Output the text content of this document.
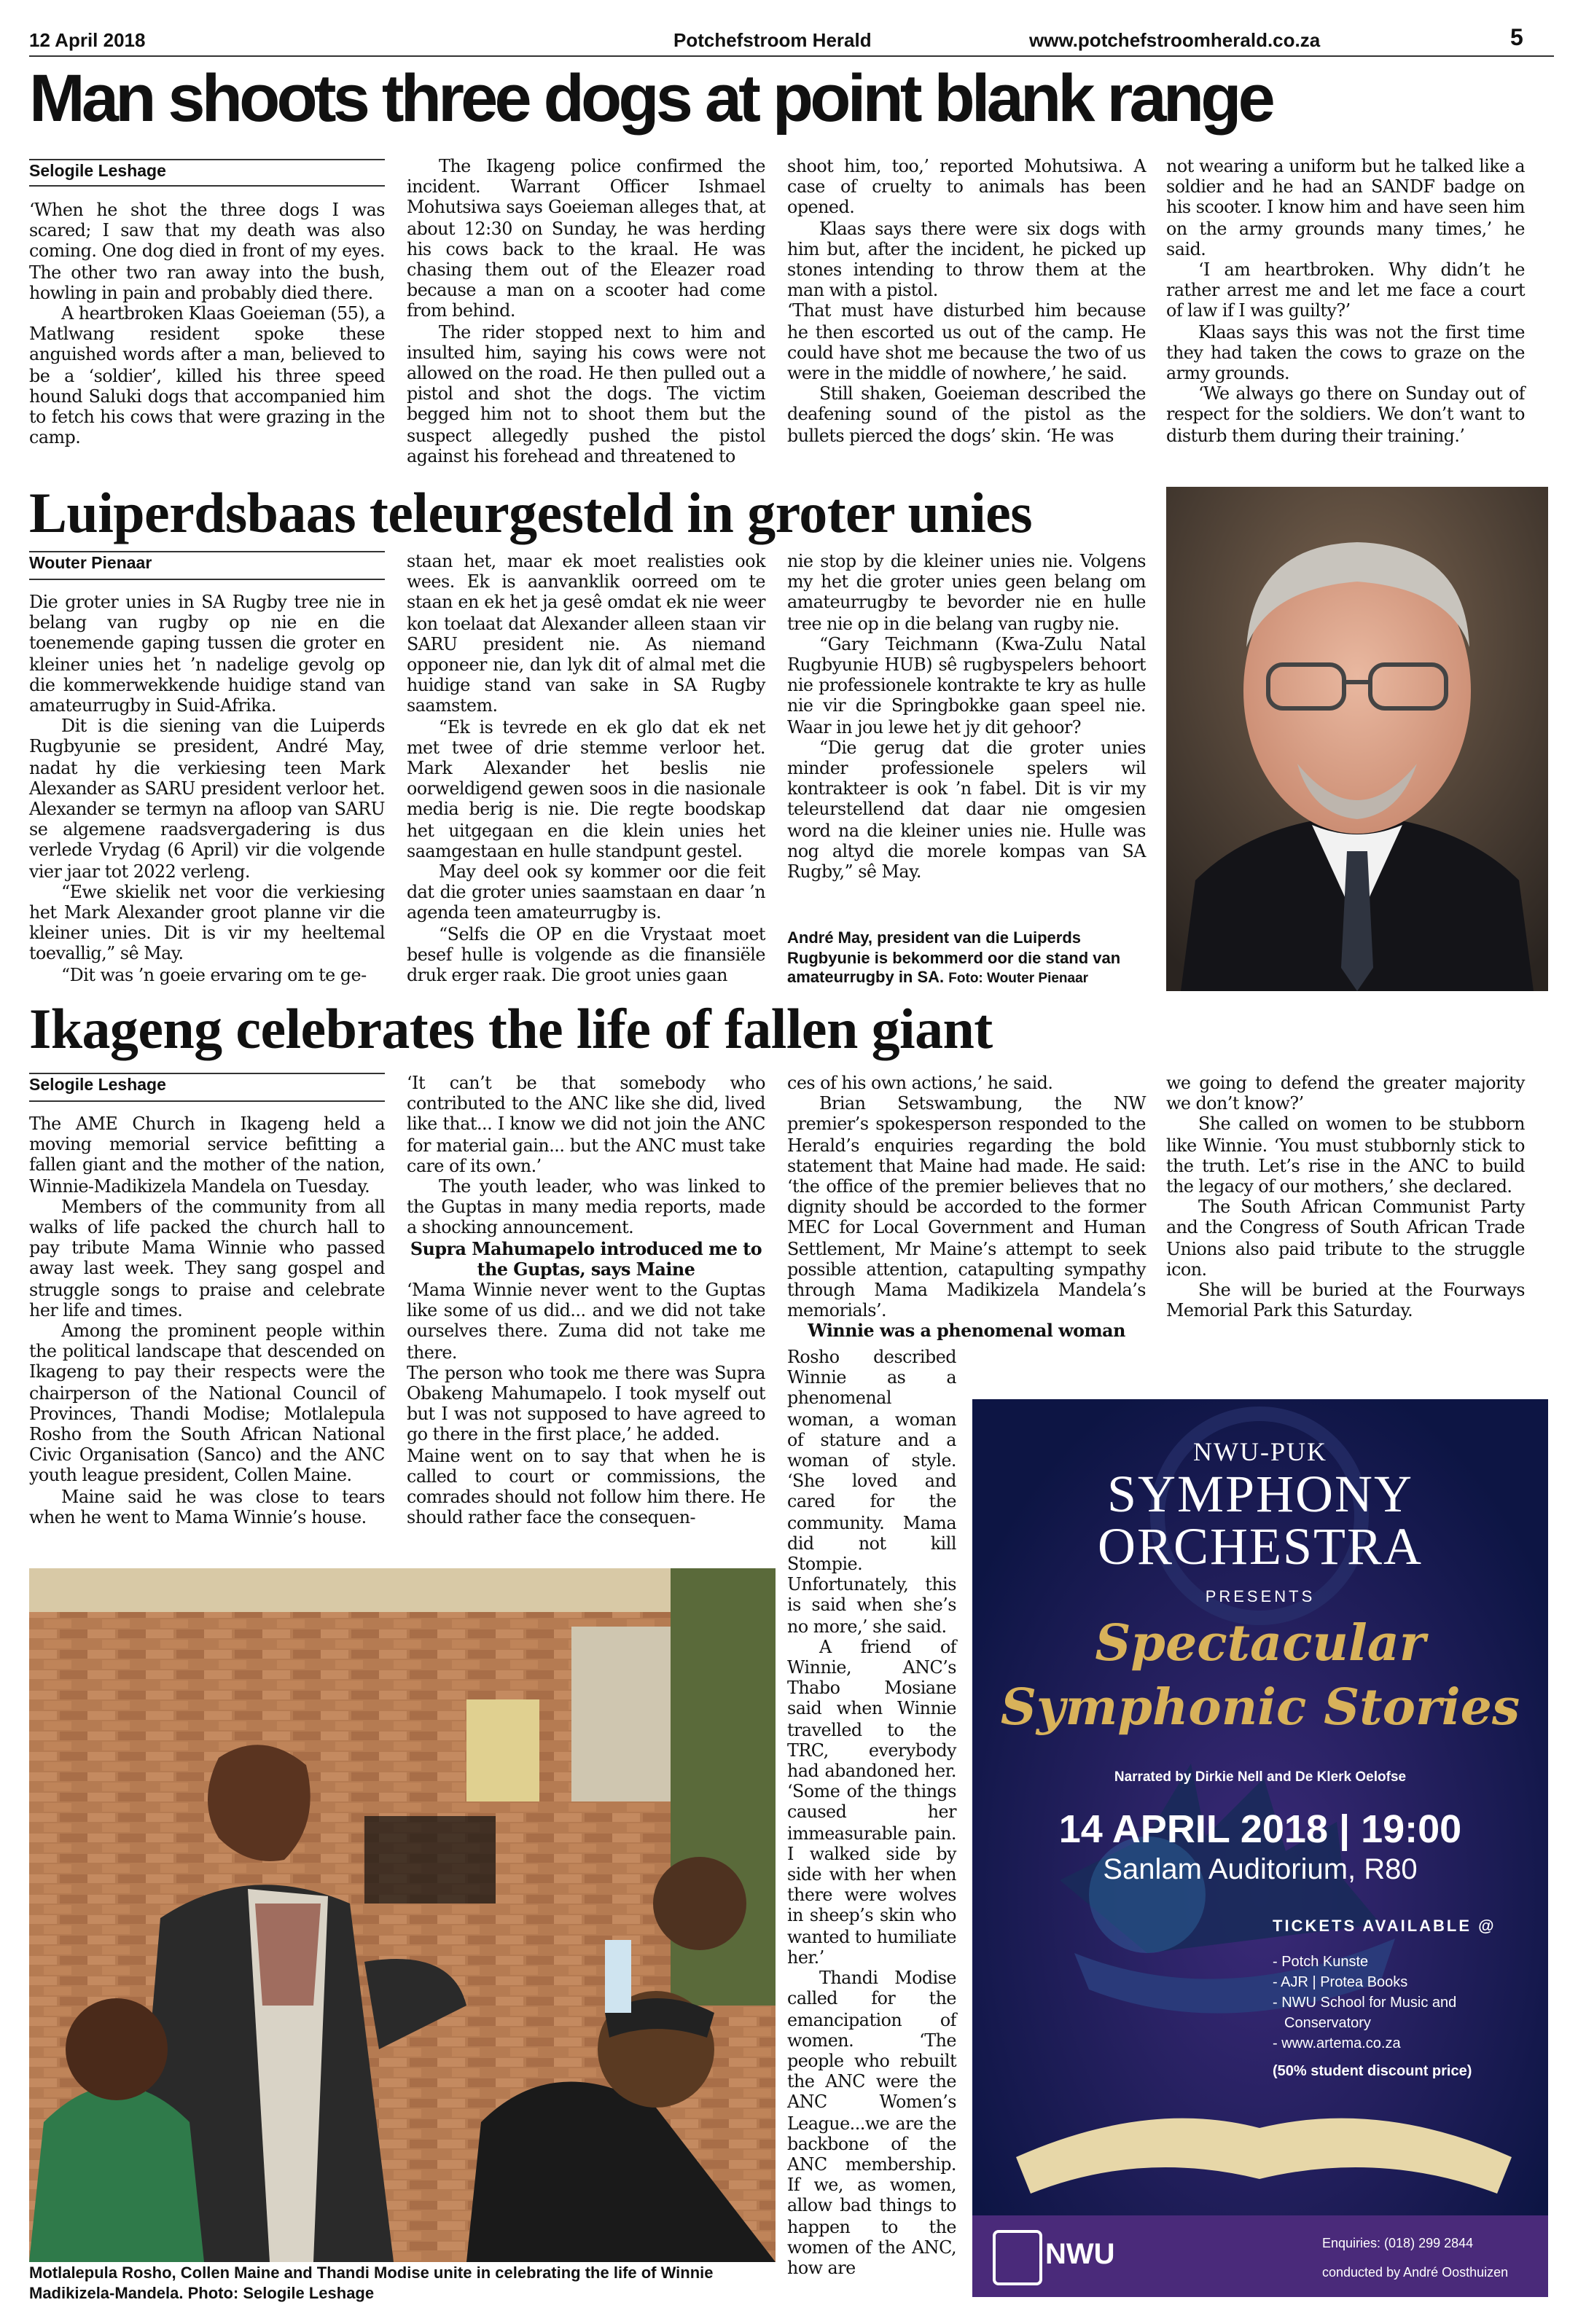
12 April 2018	Potchefstroom Herald	www.potchefstroomherald.co.za	5
Man shoots three dogs at point blank range
Selogile Leshage

‘When he shot the three dogs I was scared; I saw that my death was also coming. One dog died in front of my eyes. The other two ran away into the bush, howling in pain and probably died there.

A heartbroken Klaas Goeieman (55), a Matlwang resident spoke these anguished words after a man, believed to be a ‘soldier’, killed his three speed hound Saluki dogs that accompanied him to fetch his cows that were grazing in the camp.

The Ikageng police confirmed the incident. Warrant Officer Ishmael Mohutsiwa says Goeieman alleges that, at about 12:30 on Sunday, he was herding his cows back to the kraal. He was chasing them out of the Eleazer road because a man on a scooter had come from behind.

The rider stopped next to him and insulted him, saying his cows were not allowed on the road. He then pulled out a pistol and shot the dogs. The victim begged him not to shoot them but the suspect allegedly pushed the pistol against his forehead and threatened to

shoot him, too,’ reported Mohutsiwa. A case of cruelty to animals has been opened.

Klaas says there were six dogs with him but, after the incident, he picked up stones intending to throw them at the man with a pistol.

‘That must have disturbed him because he then escorted us out of the camp. He could have shot me because the two of us were in the middle of nowhere,’ he said.

Still shaken, Goeieman described the deafening sound of the pistol as the bullets pierced the dogs’ skin. ‘He was

not wearing a uniform but he talked like a soldier and he had an SANDF badge on his scooter. I know him and have seen him on the army grounds many times,’ he said.

‘I am heartbroken. Why didn’t he rather arrest me and let me face a court of law if I was guilty?’

Klaas says this was not the first time they had taken the cows to graze on the army grounds.

‘We always go there on Sunday out of respect for the soldiers. We don’t want to disturb them during their training.’

Luiperdsbaas teleurgesteld in groter unies
Wouter Pienaar

Die groter unies in SA Rugby tree nie in belang van rugby op nie en die toenemende gaping tussen die groter en kleiner unies het ’n nadelige gevolg op die kommerwekkende huidige stand van amateurrugby in Suid-Afrika.

Dit is die siening van die Luiperds Rugbyunie se president, André May, nadat hy die verkiesing teen Mark Alexander as SARU president verloor het. Alexander se termyn na afloop van SARU se algemene raadsvergadering is dus verlede Vrydag (6 April) vir die volgende vier jaar tot 2022 verleng.

“Ewe skielik net voor die verkiesing het Mark Alexander groot planne vir die kleiner unies. Dit is vir my heeltemal toevallig,” sê May.

“Dit was ’n goeie ervaring om te ge-

staan het, maar ek moet realisties ook wees. Ek is aanvanklik oorreed om te staan en ek het ja gesê omdat ek nie weer kon toelaat dat Alexander alleen staan vir SARU president nie. As niemand opponeer nie, dan lyk dit of almal met die huidige stand van sake in SA Rugby saamstem.

“Ek is tevrede en ek glo dat ek net met twee of drie stemme verloor het. Mark Alexander het beslis nie oorweldigend gewen soos in die nasionale media berig is nie. Die regte boodskap het uitgegaan en die klein unies het saamgestaan en hulle standpunt gestel.

May deel ook sy kommer oor die feit dat die groter unies saamstaan en daar ’n agenda teen amateurrugby is.

“Selfs die OP en die Vrystaat moet besef hulle is volgende as die finansiële druk erger raak. Die groot unies gaan

nie stop by die kleiner unies nie. Volgens my het die groter unies geen belang om amateurrugby te bevorder nie en hulle tree nie op in die belang van rugby nie.

“Gary Teichmann (Kwa-Zulu Natal Rugbyunie HUB) sê rugbyspelers behoort nie professionele kontrakte te kry as hulle nie vir die Springbokke gaan speel nie. Waar in jou lewe het jy dit gehoor?

“Die gerug dat die groter unies minder professionele spelers wil kontrakteer is ook ’n fabel. Dit is vir my teleurstellend dat daar nie omgesien word na die kleiner unies nie. Hulle was nog altyd die morele kompas van SA Rugby,” sê May.

André May, president van die Luiperds Rugbyunie is bekommerd oor die stand van amateurrugby in SA. Foto: Wouter Pienaar
Ikageng celebrates the life of fallen giant
Selogile Leshage

The AME Church in Ikageng held a moving memorial service befitting a fallen giant and the mother of the nation, Winnie-Madikizela Mandela on Tuesday.

Members of the community from all walks of life packed the church hall to pay tribute Mama Winnie who passed away last week. They sang gospel and struggle songs to praise and celebrate her life and times.

Among the prominent people within the political landscape that descended on Ikageng to pay their respects were the chairperson of the National Council of Provinces, Thandi Modise; Motlalepula Rosho from the South African National Civic Organisation (Sanco) and the ANC youth league president, Collen Maine.

Maine said he was close to tears when he went to Mama Winnie’s house.

‘It can’t be that somebody who contributed to the ANC like she did, lived like that... I know we did not join the ANC for material gain... but the ANC must take care of its own.’

The youth leader, who was linked to the Guptas in many media reports, made a shocking announcement.

Supra Mahumapelo introduced me to the Guptas, says Maine

‘Mama Winnie never went to the Guptas like some of us did... and we did not take ourselves there. Zuma did not take me there.

The person who took me there was Supra Obakeng Mahumapelo. I took myself out but I was not supposed to have agreed to go there in the first place,’ he added.

Maine went on to say that when he is called to court or commissions, the comrades should not follow him there. He should rather face the consequen-

ces of his own actions,’ he said.

Brian Setswambung, the NW premier’s spokesperson responded to the Herald’s enquiries regarding the bold statement that Maine had made. He said: ‘the office of the premier believes that no dignity should be accorded to the former MEC for Local Government and Human Settlement, Mr Maine’s attempt to seek possible attention, catapulting sympathy through Mama Madikizela Mandela’s memorials’.

Winnie was a phenomenal woman

Rosho described Winnie as a phenomenal woman, a woman of stature and a woman of style. ‘She loved and cared for the community. Mama did not kill Stompie. Unfortunately, this is said when she’s no more,’ she said.

A friend of Winnie, ANC’s Thabo Mosiane said when Winnie travelled to the TRC, everybody had abandoned her. ‘Some of the things caused her immeasurable pain. I walked side by side with her when there were wolves in sheep’s skin who wanted to humiliate her.’

Thandi Modise called for the emancipation of women. ‘The people who rebuilt the ANC were the ANC Women’s League...we are the backbone of the ANC membership. If we, as women, allow bad things to happen to the women of the ANC, how are

we going to defend the greater majority we don’t know?’

She called on women to be stubborn like Winnie. ‘You must stubbornly stick to the truth. Let’s rise in the ANC to build the legacy of our mothers,’ she declared.

The South African Communist Party and the Congress of South African Trade Unions also paid tribute to the struggle icon.

She will be buried at the Fourways Memorial Park this Saturday.

Motlalepula Rosho, Collen Maine and Thandi Modise unite in celebrating the life of Winnie Madikizela-Mandela. Photo: Selogile Leshage
NWU-PUK
SYMPHONY
ORCHESTRA
PRESENTS
Spectacular
Symphonic Stories
Narrated by Dirkie Nell and De Klerk Oelofse
14 APRIL 2018 | 19:00
Sanlam Auditorium, R80
TICKETS AVAILABLE @
- Potch Kunste
- AJR | Protea Books
- NWU School for Music and
Conservatory
- www.artema.co.za
(50% student discount price)
NWU	Enquiries: (018) 299 2844
conducted by André Oosthuizen
